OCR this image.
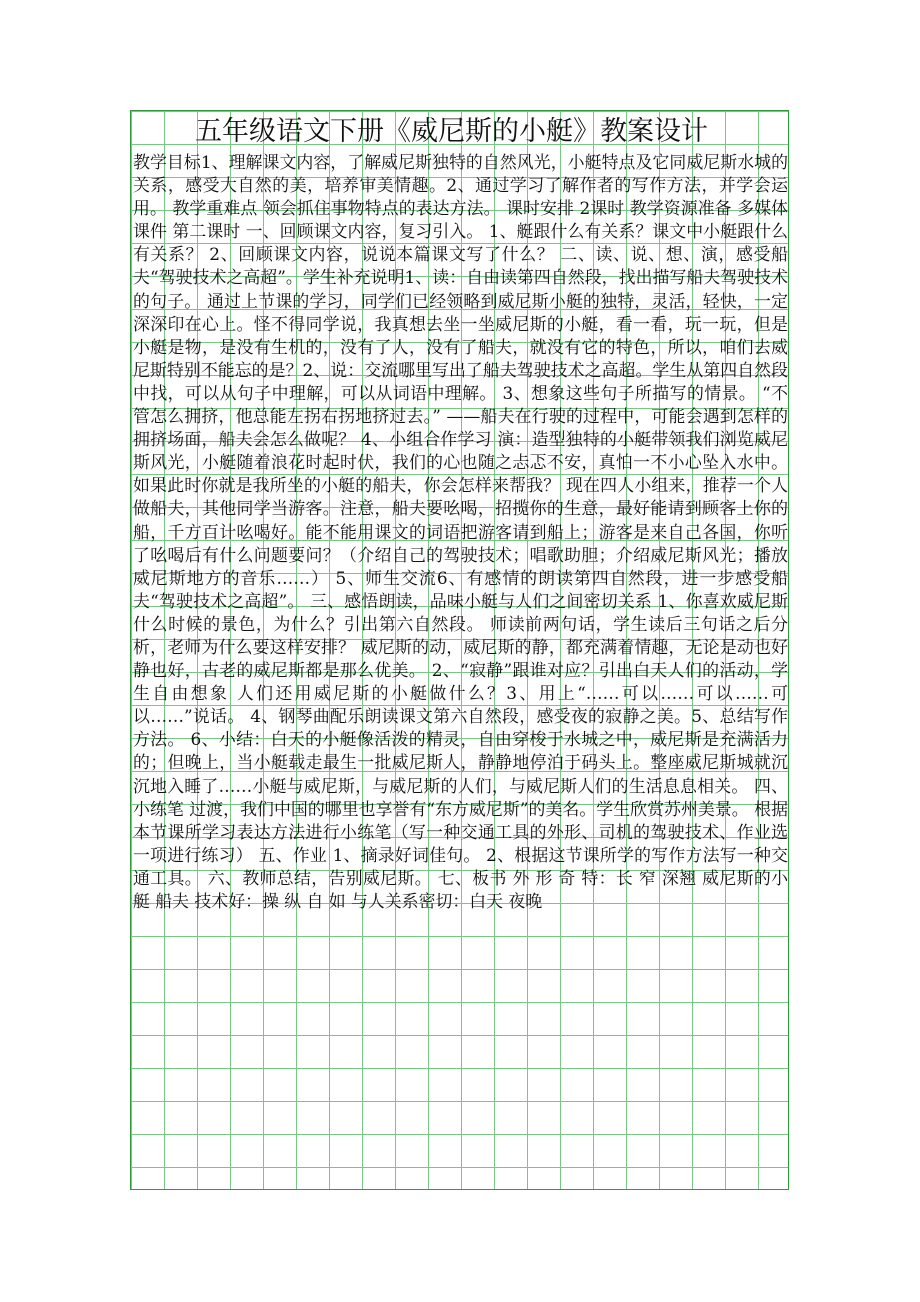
五年级语文下册《威尼斯的小艇》教案设计

教学目标1、理解课文内容，了解威尼斯独特的自然风光，小艇特点及它同威尼斯水城的关系，感受大自然的美，培养审美情趣。2、通过学习了解作者的写作方法，并学会运用。 教学重难点 领会抓住事物特点的表达方法。 课时安排 2课时 教学资源准备 多媒体课件 第二课时 一、回顾课文内容，复习引入。 1、艇跟什么有关系？课文中小艇跟什么有关系？ 2、回顾课文内容，说说本篇课文写了什么？ 二、读、说、想、演，感受船夫“驾驶技术之高超”。学生补充说明1、读：自由读第四自然段，找出描写船夫驾驶技术的句子。 通过上节课的学习，同学们已经领略到威尼斯小艇的独特，灵活，轻快，一定深深印在心上。怪不得同学说，我真想去坐一坐威尼斯的小艇，看一看，玩一玩，但是小艇是物，是没有生机的，没有了人，没有了船夫，就没有它的特色，所以，咱们去威尼斯特别不能忘的是？2、说：交流哪里写出了船夫驾驶技术之高超。学生从第四自然段中找，可以从句子中理解，可以从词语中理解。 3、想象这些句子所描写的情景。 “不管怎么拥挤，他总能左拐右拐地挤过去。” ——船夫在行驶的过程中，可能会遇到怎样的拥挤场面，船夫会怎么做呢？ 4、小组合作学习 演：造型独特的小艇带领我们浏览威尼斯风光，小艇随着浪花时起时伏，我们的心也随之忐忑不安，真怕一不小心坠入水中。如果此时你就是我所坐的小艇的船夫，你会怎样来帮我？ 现在四人小组来，推荐一个人做船夫，其他同学当游客。注意，船夫要吆喝，招揽你的生意，最好能请到顾客上你的船，千方百计吆喝好。能不能用课文的词语把游客请到船上；游客是来自己各国，你听了吆喝后有什么问题要问？（介绍自己的驾驶技术；唱歌助胆；介绍威尼斯风光；播放威尼斯地方的音乐……） 5、师生交流6、有感情的朗读第四自然段，进一步感受船夫“驾驶技术之高超”。 三、感悟朗读，品味小艇与人们之间密切关系 1、你喜欢威尼斯什么时候的景色，为什么？引出第六自然段。 师读前两句话，学生读后三句话之后分析，老师为什么要这样安排？ 威尼斯的动，威尼斯的静，都充满着情趣，无论是动也好静也好，古老的威尼斯都是那么优美。 2、“寂静”跟谁对应？引出白天人们的活动，学生自由想象 人们还用威尼斯的小艇做什么？3、用上“……可以……可以……可以……”说话。 4、钢琴曲配乐朗读课文第六自然段，感受夜的寂静之美。5、总结写作方法。 6、小结：白天的小艇像活泼的精灵，自由穿梭于水城之中，威尼斯是充满活力的；但晚上，当小艇载走最生一批威尼斯人，静静地停泊于码头上。整座威尼斯城就沉沉地入睡了……小艇与威尼斯，与威尼斯的人们，与威尼斯人们的生活息息相关。 四、小练笔 过渡，我们中国的哪里也享誉有“东方威尼斯”的美名。学生欣赏苏州美景。 根据本节课所学习表达方法进行小练笔（写一种交通工具的外形、司机的驾驶技术、作业选一项进行练习） 五、作业 1、摘录好词佳句。 2、根据这节课所学的写作方法写一种交通工具。 六、教师总结，告别威尼斯。 七、板书 外 形 奇 特：长 窄 深翘 威尼斯的小艇 船夫 技术好：操 纵 自 如 与人关系密切：白天 夜晚
